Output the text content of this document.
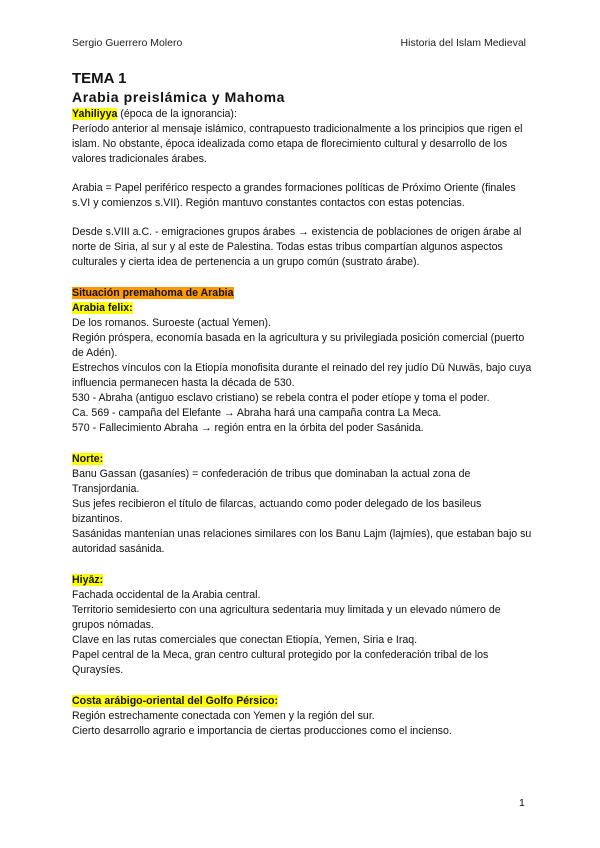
Sergio Guerrero Molero	Historia del Islam Medieval

TEMA 1

Arabia preislámica y Mahoma

Yahiliyya (época de la ignorancia):

Período anterior al mensaje islámico, contrapuesto tradicionalmente a los principios que rigen el islam. No obstante, época idealizada como etapa de florecimiento cultural y desarrollo de los valores tradicionales árabes.

Arabia = Papel periférico respecto a grandes formaciones políticas de Próximo Oriente (finales s.VI y comienzos s.VII). Región mantuvo constantes contactos con estas potencias.

Desde s.VIII a.C. - emigraciones grupos árabes → existencia de poblaciones de origen árabe al norte de Siria, al sur y al este de Palestina. Todas estas tribus compartían algunos aspectos culturales y cierta idea de pertenencia a un grupo común (sustrato árabe).

Situación premahoma de Arabia

Arabia felix:

De los romanos. Suroeste (actual Yemen).

Región próspera, economía basada en la agricultura y su privilegiada posición comercial (puerto de Adén).

Estrechos vínculos con la Etiopía monofisita durante el reinado del rey judío Dū Nuwās, bajo cuya influencia permanecen hasta la década de 530.

530 - Abraha (antiguo esclavo cristiano) se rebela contra el poder etíope y toma el poder.

Ca. 569 - campaña del Elefante → Abraha hará una campaña contra La Meca.

570 - Fallecimiento Abraha → región entra en la órbita del poder Sasánida.

Norte:

Banu Gassan (gasaníes) = confederación de tribus que dominaban la actual zona de Transjordania.

Sus jefes recibieron el título de filarcas, actuando como poder delegado de los basileus bizantinos.

Sasánidas mantenían unas relaciones similares con los Banu Lajm (lajmíes), que estaban bajo su autoridad sasánida.

Hiyāz:

Fachada occidental de la Arabia central.

Territorio semidesierto con una agricultura sedentaria muy limitada y un elevado número de grupos nómadas.

Clave en las rutas comerciales que conectan Etiopía, Yemen, Siria e Iraq.

Papel central de la Meca, gran centro cultural protegido por la confederación tribal de los Quraysíes.

Costa arábigo-oriental del Golfo Pérsico:

Región estrechamente conectada con Yemen y la región del sur.

Cierto desarrollo agrario e importancia de ciertas producciones como el incienso.

1
